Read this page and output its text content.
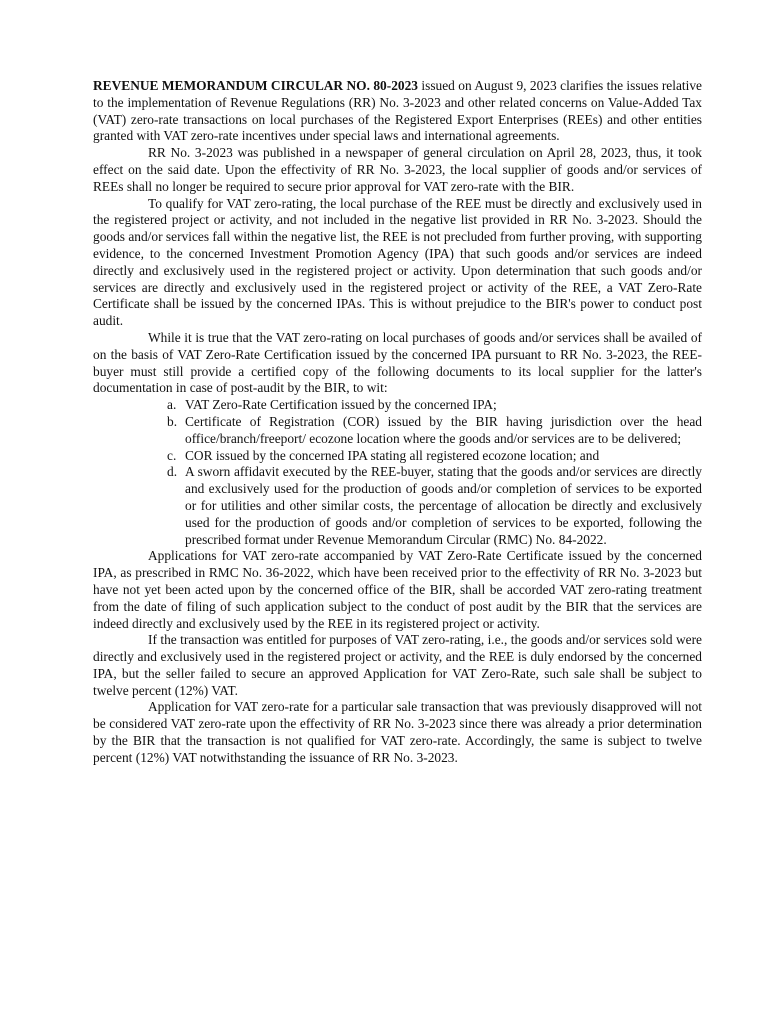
REVENUE MEMORANDUM CIRCULAR NO. 80-2023 issued on August 9, 2023 clarifies the issues relative to the implementation of Revenue Regulations (RR) No. 3-2023 and other related concerns on Value-Added Tax (VAT) zero-rate transactions on local purchases of the Registered Export Enterprises (REEs) and other entities granted with VAT zero-rate incentives under special laws and international agreements.

RR No. 3-2023 was published in a newspaper of general circulation on April 28, 2023, thus, it took effect on the said date. Upon the effectivity of RR No. 3-2023, the local supplier of goods and/or services of REEs shall no longer be required to secure prior approval for VAT zero-rate with the BIR.

To qualify for VAT zero-rating, the local purchase of the REE must be directly and exclusively used in the registered project or activity, and not included in the negative list provided in RR No. 3-2023. Should the goods and/or services fall within the negative list, the REE is not precluded from further proving, with supporting evidence, to the concerned Investment Promotion Agency (IPA) that such goods and/or services are indeed directly and exclusively used in the registered project or activity. Upon determination that such goods and/or services are directly and exclusively used in the registered project or activity of the REE, a VAT Zero-Rate Certificate shall be issued by the concerned IPAs. This is without prejudice to the BIR's power to conduct post audit.

While it is true that the VAT zero-rating on local purchases of goods and/or services shall be availed of on the basis of VAT Zero-Rate Certification issued by the concerned IPA pursuant to RR No. 3-2023, the REE-buyer must still provide a certified copy of the following documents to its local supplier for the latter's documentation in case of post-audit by the BIR, to wit:

a. VAT Zero-Rate Certification issued by the concerned IPA;
b. Certificate of Registration (COR) issued by the BIR having jurisdiction over the head office/branch/freeport/ ecozone location where the goods and/or services are to be delivered;
c. COR issued by the concerned IPA stating all registered ecozone location; and
d. A sworn affidavit executed by the REE-buyer, stating that the goods and/or services are directly and exclusively used for the production of goods and/or completion of services to be exported or for utilities and other similar costs, the percentage of allocation be directly and exclusively used for the production of goods and/or completion of services to be exported, following the prescribed format under Revenue Memorandum Circular (RMC) No. 84-2022.

Applications for VAT zero-rate accompanied by VAT Zero-Rate Certificate issued by the concerned IPA, as prescribed in RMC No. 36-2022, which have been received prior to the effectivity of RR No. 3-2023 but have not yet been acted upon by the concerned office of the BIR, shall be accorded VAT zero-rating treatment from the date of filing of such application subject to the conduct of post audit by the BIR that the services are indeed directly and exclusively used by the REE in its registered project or activity.

If the transaction was entitled for purposes of VAT zero-rating, i.e., the goods and/or services sold were directly and exclusively used in the registered project or activity, and the REE is duly endorsed by the concerned IPA, but the seller failed to secure an approved Application for VAT Zero-Rate, such sale shall be subject to twelve percent (12%) VAT.

Application for VAT zero-rate for a particular sale transaction that was previously disapproved will not be considered VAT zero-rate upon the effectivity of RR No. 3-2023 since there was already a prior determination by the BIR that the transaction is not qualified for VAT zero-rate. Accordingly, the same is subject to twelve percent (12%) VAT notwithstanding the issuance of RR No. 3-2023.
